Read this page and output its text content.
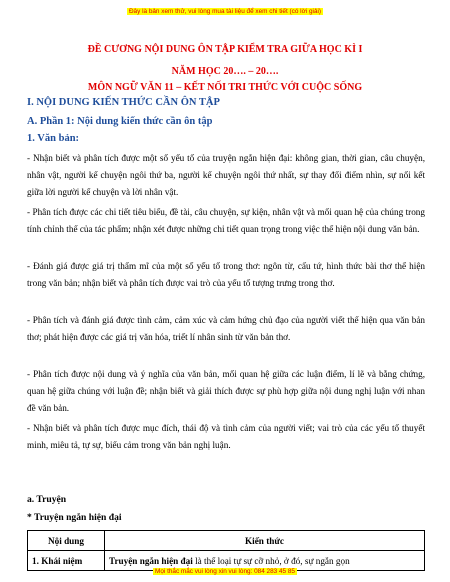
Đây là bản xem thử, vui lòng mua tài liệu để xem chi tiết (có lời giải)
ĐỀ CƯƠNG NỘI DUNG ÔN TẬP KIỂM TRA GIỮA HỌC KÌ I
NĂM HỌC 20…. – 20….
MÔN NGỮ VĂN 11 – KẾT NỐI TRI THỨC VỚI CUỘC SỐNG
I. NỘI DUNG KIẾN THỨC CẦN ÔN TẬP
A. Phần 1: Nội dung kiến thức cần ôn tập
1. Văn bản:

- Nhận biết và phân tích được một số yếu tố của truyện ngắn hiện đại: không gian, thời gian, câu chuyện, nhân vật, người kể chuyện ngôi thứ ba, người kể chuyện ngôi thứ nhất, sự thay đổi điểm nhìn, sự nối kết giữa lời người kể chuyện và lời nhân vật.

- Phân tích được các chi tiết tiêu biểu, đề tài, câu chuyện, sự kiện, nhân vật và mối quan hệ của chúng trong tính chỉnh thể của tác phẩm; nhận xét được những chi tiết quan trọng trong việc thể hiện nội dung văn bản.

- Đánh giá được giá trị thẩm mĩ của một số yếu tố trong thơ: ngôn từ, cấu tứ, hình thức bài thơ thể hiện trong văn bản; nhận biết và phân tích được vai trò của yếu tố tượng trưng trong thơ.

- Phân tích và đánh giá được tình cảm, cảm xúc và cảm hứng chủ đạo của người viết thể hiện qua văn bản thơ; phát hiện được các giá trị văn hóa, triết lí nhân sinh từ văn bản thơ.

- Phân tích được nội dung và ý nghĩa của văn bản, mối quan hệ giữa các luận điểm, lí lẽ và bằng chứng, quan hệ giữa chúng với luận đề; nhận biết và giải thích được sự phù hợp giữa nội dung nghị luận với nhan đề văn bản.

- Nhận biết và phân tích được mục đích, thái độ và tình cảm của người viết; vai trò của các yếu tố thuyết minh, miêu tả, tự sự, biểu cảm trong văn bản nghị luận.

a. Truyện
* Truyện ngắn hiện đại
Nội dung	Kiến thức
1. Khái niệm	Truyện ngắn hiện đại là thể loại tự sự cỡ nhỏ, ở đó, sự ngắn gọn
Mọi thắc mắc vui lòng xin vui lòng: 084 283 45 85
